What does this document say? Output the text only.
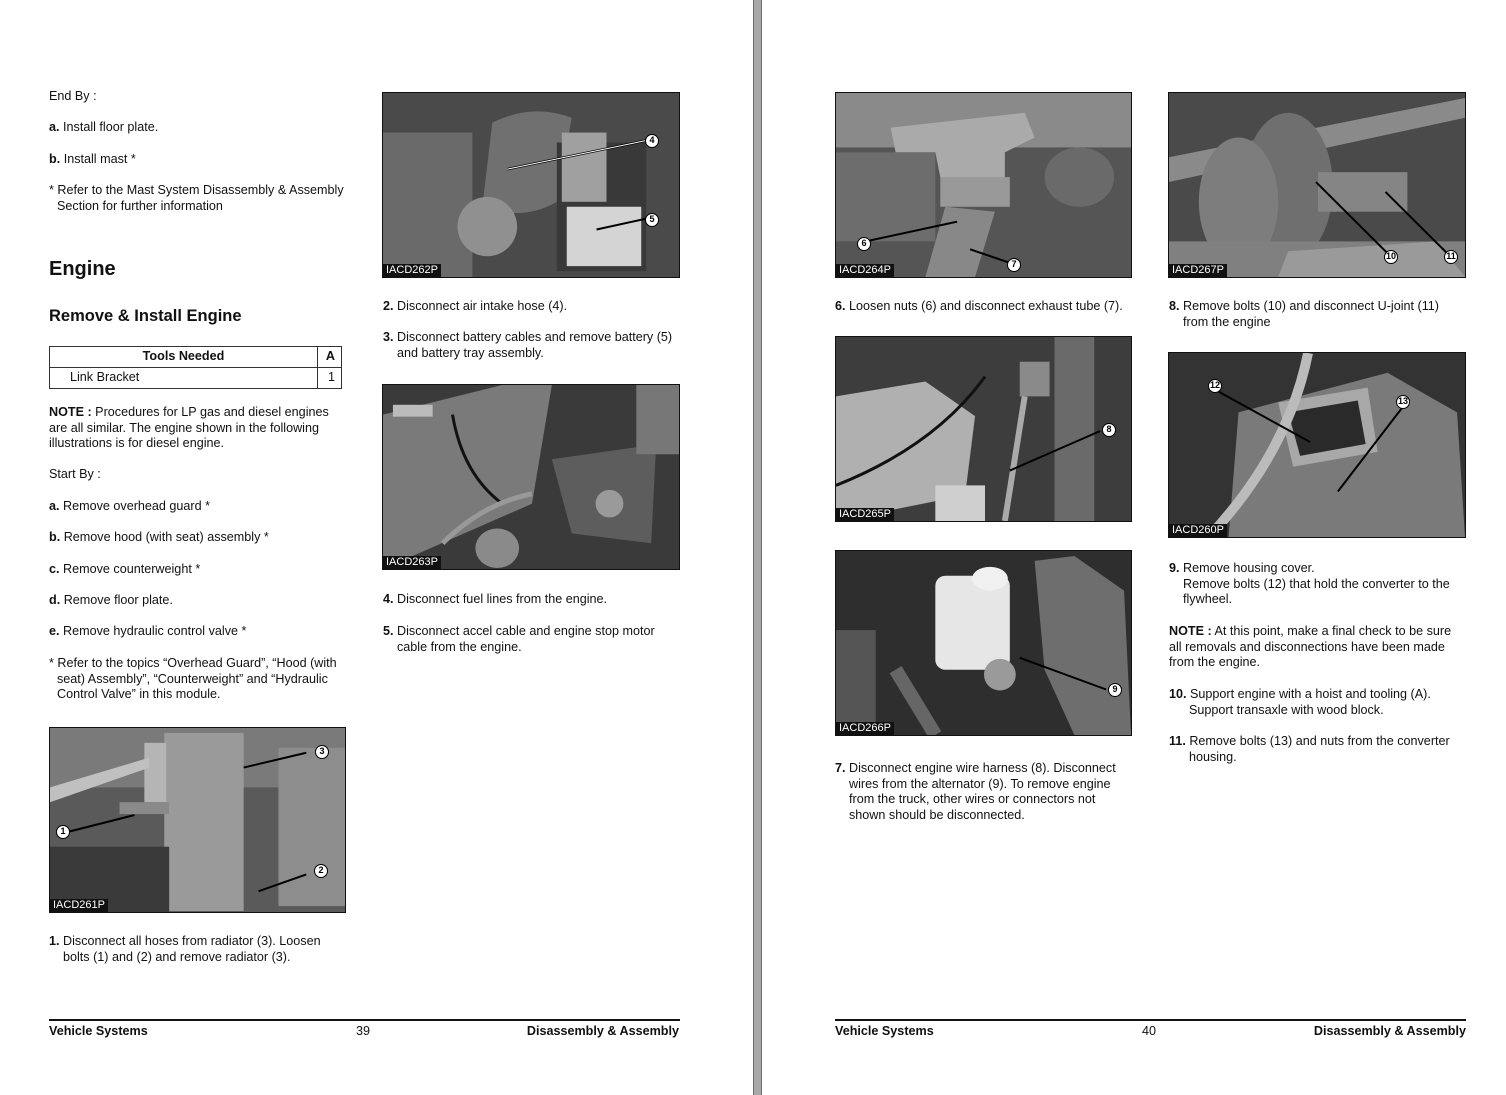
End By :
a. Install floor plate.
b. Install mast *
* Refer to the Mast System Disassembly & Assembly Section for further information
Engine
Remove & Install Engine
Tools Needed	A
Link Bracket	1
NOTE : Procedures for LP gas and diesel engines are all similar. The engine shown in the following illustrations is for diesel engine.
Start By :
a. Remove overhead guard *
b. Remove hood (with seat) assembly *
c. Remove counterweight *
d. Remove floor plate.
e. Remove hydraulic control valve *
* Refer to the topics “Overhead Guard”, “Hood (with seat) Assembly”, “Counterweight” and “Hydraulic Control Valve” in this module.
3
1
2
IACD261P
1. Disconnect all hoses from radiator (3). Loosen bolts (1) and (2) and remove radiator (3).
4
5
IACD262P
2. Disconnect air intake hose (4).
3. Disconnect battery cables and remove battery (5) and battery tray assembly.
IACD263P
4. Disconnect fuel lines from the engine.
5. Disconnect accel cable and engine stop motor cable from the engine.
Vehicle Systems	39	Disassembly & Assembly
6
7
IACD264P
6. Loosen nuts (6) and disconnect exhaust tube (7).
8
IACD265P
9
IACD266P
7. Disconnect engine wire harness (8). Disconnect wires from the alternator (9). To remove engine from the truck, other wires or connectors not shown should be disconnected.
10	11
IACD267P
8. Remove bolts (10) and disconnect U-joint (11) from the engine
12
13
IACD260P
9. Remove housing cover.
Remove bolts (12) that hold the converter to the flywheel.
NOTE : At this point, make a final check to be sure all removals and disconnections have been made from the engine.
10. Support engine with a hoist and tooling (A). Support transaxle with wood block.
11. Remove bolts (13) and nuts from the converter housing.
Vehicle Systems	40	Disassembly & Assembly
